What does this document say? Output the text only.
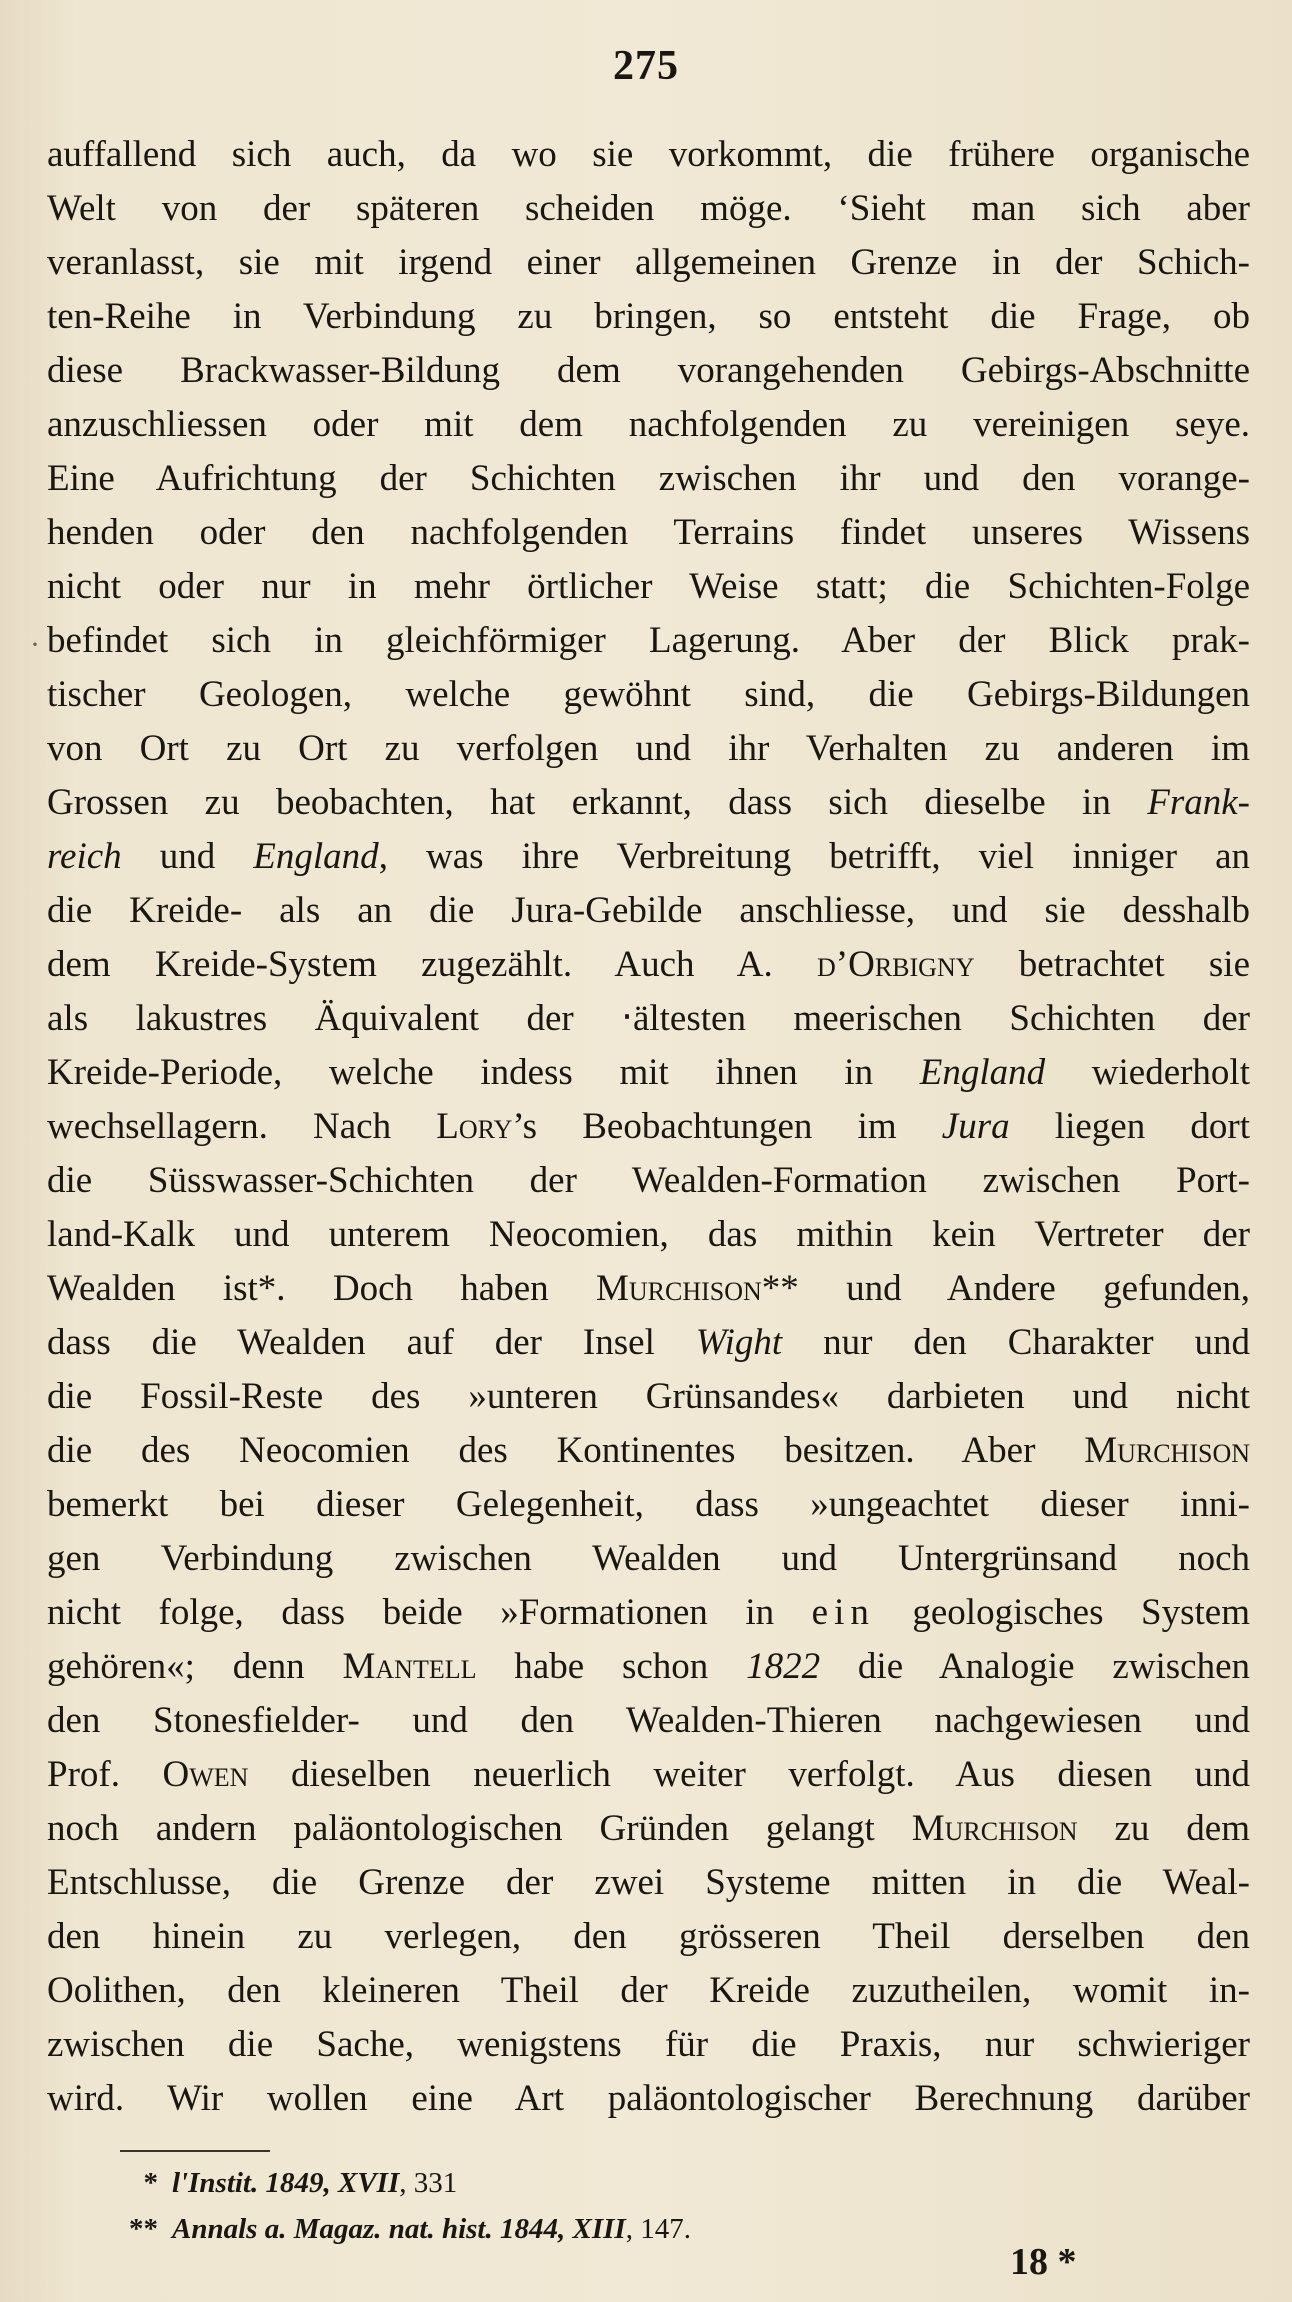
275
·
auffallend sich auch, da wo sie vorkommt, die frühere organische
Welt von der späteren scheiden möge. ‘Sieht man sich aber
veranlasst, sie mit irgend einer allgemeinen Grenze in der Schich-
ten-Reihe in Verbindung zu bringen, so entsteht die Frage, ob
diese Brackwasser-Bildung dem vorangehenden Gebirgs-Abschnitte
anzuschliessen oder mit dem nachfolgenden zu vereinigen seye.
Eine Aufrichtung der Schichten zwischen ihr und den vorange-
henden oder den nachfolgenden Terrains findet unseres Wissens
nicht oder nur in mehr örtlicher Weise statt; die Schichten-Folge
befindet sich in gleichförmiger Lagerung. Aber der Blick prak-
tischer Geologen, welche gewöhnt sind, die Gebirgs-Bildungen
von Ort zu Ort zu verfolgen und ihr Verhalten zu anderen im
Grossen zu beobachten, hat erkannt, dass sich dieselbe in Frank-
reich und England, was ihre Verbreitung betrifft, viel inniger an
die Kreide- als an die Jura-Gebilde anschliesse, und sie desshalb
dem Kreide-System zugezählt. Auch A. d’Orbigny betrachtet sie
als lakustres Äquivalent der ‧ältesten meerischen Schichten der
Kreide-Periode, welche indess mit ihnen in England wiederholt
wechsellagern. Nach Lory’s Beobachtungen im Jura liegen dort
die Süsswasser-Schichten der Wealden-Formation zwischen Port-
land-Kalk und unterem Neocomien, das mithin kein Vertreter der
Wealden ist*. Doch haben Murchison** und Andere gefunden,
dass die Wealden auf der Insel Wight nur den Charakter und
die Fossil-Reste des »unteren Grünsandes« darbieten und nicht
die des Neocomien des Kontinentes besitzen. Aber Murchison
bemerkt bei dieser Gelegenheit, dass »ungeachtet dieser inni-
gen Verbindung zwischen Wealden und Untergrünsand noch
nicht folge, dass beide »Formationen in ein geologisches System
gehören«; denn Mantell habe schon 1822 die Analogie zwischen
den Stonesfielder- und den Wealden-Thieren nachgewiesen und
Prof. Owen dieselben neuerlich weiter verfolgt. Aus diesen und
noch andern paläontologischen Gründen gelangt Murchison zu dem
Entschlusse, die Grenze der zwei Systeme mitten in die Weal-
den hinein zu verlegen, den grösseren Theil derselben den
Oolithen, den kleineren Theil der Kreide zuzutheilen, womit in-
zwischen die Sache, wenigstens für die Praxis, nur schwieriger
wird. Wir wollen eine Art paläontologischer Berechnung darüber
* l'Instit. 1849, XVII, 331
** Annals a. Magaz. nat. hist. 1844, XIII, 147.
18 *
